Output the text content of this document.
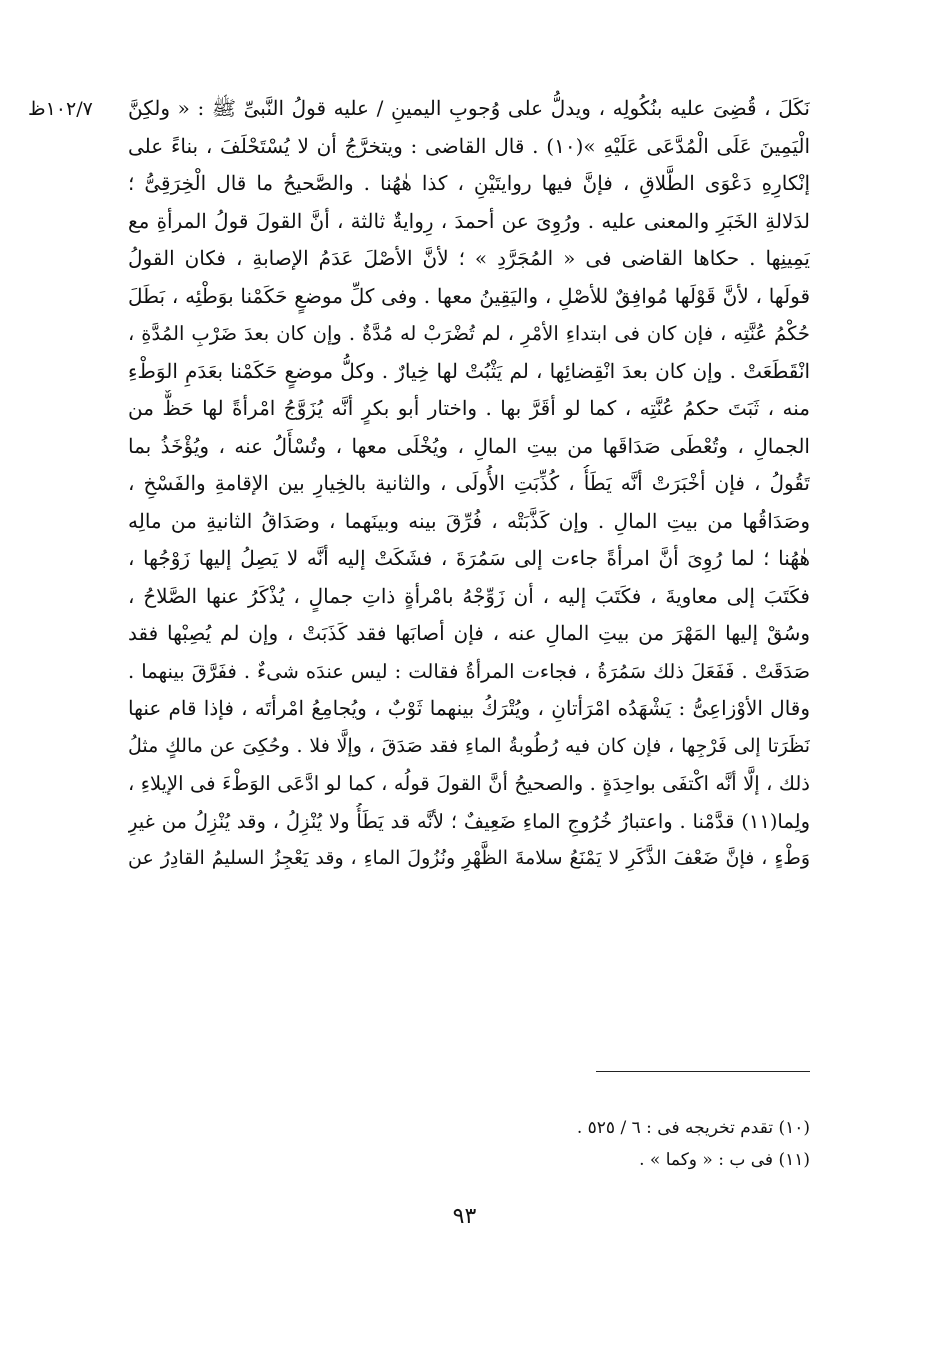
١٠٢/٧ظ	نَكَلَ ، قُضِىَ عليه بنُكُولِه ، ويدلُّ على وُجوبِ اليمينِ / عليه قولُ النَّبىِّ ﷺ : « ولكِنَّ
الْيَمِينَ عَلَى الْمُدَّعَى عَلَيْهِ »(١٠) . قال القاضى : ويتخرَّجُ أن لا يُسْتَحْلَفَ ، بناءً على
إنْكارِهِ دَعْوَى الطَّلاقِ ، فإنَّ فيها روايتَيْنِ ، كذا هٰهُنا . والصَّحيحُ ما قال الْخِرَقِىُّ ؛
لدَلالةِ الخَبَرِ والمعنى عليه . ورُوِىَ عن أحمدَ ، رِوايةٌ ثالثة ، أنَّ القولَ قولُ المرأةِ مع
يَمِينِها . حكاها القاضى فى « المُجَرَّدِ » ؛ لأنَّ الأصْلَ عَدَمُ الإصابةِ ، فكان القولُ
قولَها ، لأنَّ قَوْلَها مُوافِقٌ للأصْلِ ، واليَقِينُ معها . وفى كلِّ موضعٍ حَكَمْنا بوَطْئِه ، بَطَلَ
حُكْمُ عُنَّتِه ، فإن كان فى ابتداءِ الأمْرِ ، لم تُضْرَبْ له مُدَّةٌ . وإن كان بعدَ ضَرْبِ المُدَّةِ ،
انْقَطَعَتْ . وإن كان بعدَ انْقِضائِها ، لم يَثْبُتْ لها خِيارٌ . وكلُّ موضعٍ حَكَمْنا بعَدَمِ الوَطْءِ
منه ، ثَبَتَ حكمُ عُنَّتِه ، كما لو أقَرَّ بها . واختار أبو بكرٍ أنَّه يُزَوَّجُ امْرأةً لها حَظٌّ من
الجمالِ ، وتُعْطَى صَدَاقَها من بيتِ المالِ ، ويُخْلَى معها ، وتُسْأَلُ عنه ، ويُؤْخَذُ بما
تَقُولُ ، فإن أخْبَرَتْ أنَّه يَطَأُ ، كُذِّبَتِ الأُولَى ، والثانية بالخِيارِ بين الإقامةِ والفَسْخِ ،
وصَدَاقُها من بيتِ المالِ . وإن كَذَّبَتْه ، فُرِّقَ بينه وبينَهما ، وصَدَاقُ الثانيةِ من مالِه
هٰهُنا ؛ لما رُوِىَ أنَّ امرأةً جاءت إلى سَمُرَةَ ، فشَكَتْ إليه أنَّه لا يَصِلُ إليها زَوْجُها ،
فكَتَبَ إلى معاويةَ ، فكَتَبَ إليه ، أن زَوِّجْهُ بامْرأةٍ ذاتِ جمالٍ ، يُذْكَرُ عنها الصَّلاحُ ،
وسُقْ إليها المَهْرَ من بيتِ المالِ عنه ، فإن أصابَها فقد كَذَبَتْ ، وإن لم يُصِبْها فقد
صَدَقَتْ . فَفَعَلَ ذلك سَمُرَةُ ، فجاءت المرأةُ فقالت : ليس عندَه شىءٌ . ففَرَّقَ بينهما .
وقال الأوْزاعِىُّ : يَشْهَدُه امْرَأتانِ ، ويُتْرَكُ بينهما ثَوْبٌ ، ويُجامِعُ امْرأتَه ، فإذا قام عنها
نَظَرَتا إلى فَرْجِها ، فإن كان فيه رُطُوبةُ الماءِ فقد صَدَقَ ، وإلَّا فلا . وحُكِىَ عن مالكٍ مثلُ
ذلك ، إلَّا أنَّه اكْتفَى بواحِدَةٍ . والصحيحُ أنَّ القولَ قولُه ، كما لو ادَّعَى الوَطْءَ فى الإيلاءِ ،
ولِما(١١) قدَّمْنا . واعتبارُ خُرُوجِ الماءِ ضَعِيفٌ ؛ لأنَّه قد يَطَأُ ولا يُنْزِلُ ، وقد يُنْزِلُ من غيرِ
وَطْءٍ ، فإنَّ ضَعْفَ الذَّكَرِ لا يَمْنَعُ سلامةَ الظَّهْرِ ونُزُولَ الماءِ ، وقد يَعْجِزُ السليمُ القادِرُ عن
(١٠) تقدم تخريجه فى : ٦ / ٥٢٥ .
(١١) فى ب : « وكما » .
٩٣
